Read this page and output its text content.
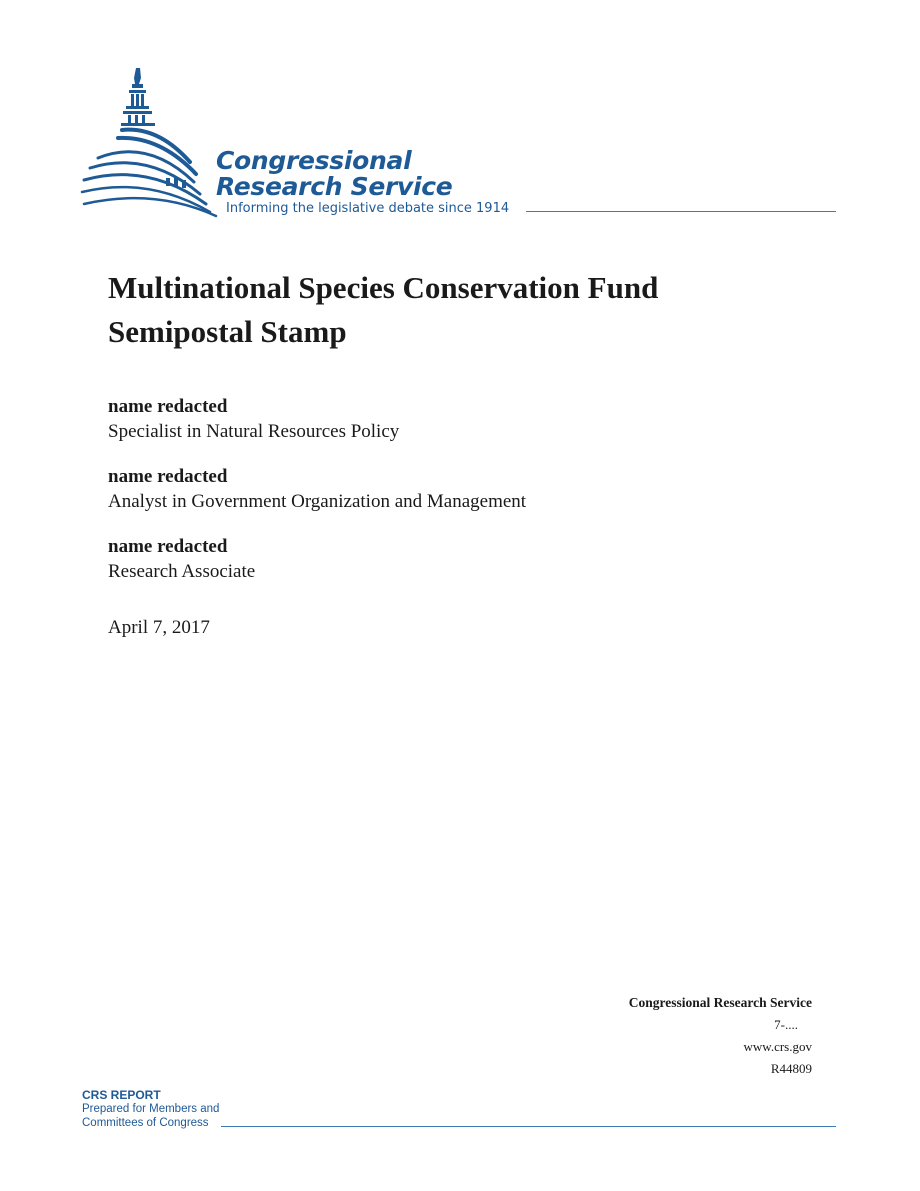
Congressional
Research Service
Informing the legislative debate since 1914
Multinational Species Conservation Fund
Semipostal Stamp
name redacted
Specialist in Natural Resources Policy
name redacted
Analyst in Government Organization and Management
name redacted
Research Associate
April 7, 2017
Congressional Research Service
7-....
www.crs.gov
R44809
CRS REPORT
Prepared for Members and
Committees of Congress
